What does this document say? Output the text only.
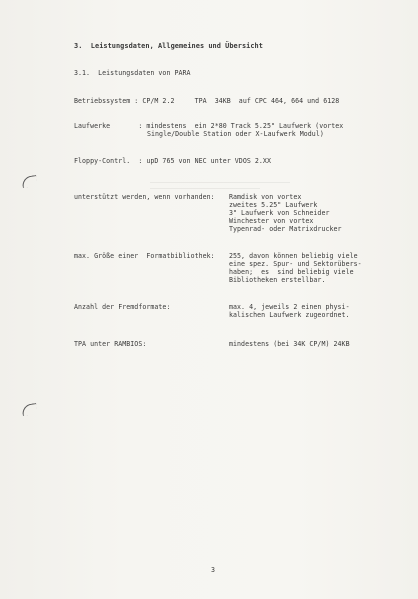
3.  Leistungsdaten, Allgemeines und Übersicht
3.1.  Leistungsdaten von PARA
Betriebssystem : CP/M 2.2     TPA  34KB  auf CPC 464, 664 und 6128
Laufwerke       : mindestens  ein 2*80 Track 5.25" Laufwerk (vortex
Single/Double Station oder X-Laufwerk Modul)
Floppy-Contrl.  : upD 765 von NEC unter VDOS 2.XX
unterstützt werden, wenn vorhanden: Ramdisk von vortex
zweites 5.25" Laufwerk
3" Laufwerk von Schneider
Winchester von vortex
Typenrad- oder Matrixdrucker
max. Größe einer  Formatbibliothek: 255, davon können beliebig viele
eine spez. Spur- und Sektorübers-
haben;  es  sind beliebig viele
Bibliotheken erstellbar.
Anzahl der Fremdformate:	max. 4, jeweils 2 einen physi-
kalischen Laufwerk zugeordnet.
TPA unter RAMBIOS:	mindestens (bei 34K CP/M) 24KB
3
